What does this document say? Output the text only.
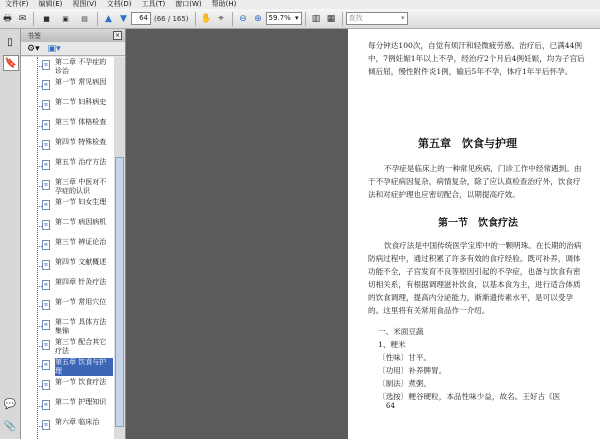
文件(F)	编辑(E)	视图(V)	文档(D)	工具(T)	窗口(W)	帮助(H)
🖶 ✉	■	▣	▤	▲ ▼	64 (66 / 165) ✋ ⌖	⊖ ⊕ 59.7% ▾ ▥ ▦	查找	▾
▯
🔖
💬
📎
书签	×
⚙▾ ▣▾
≡ 第二章 不孕症的诊治
≡ 第一节 常见病因
≡ 第二节 妇科病史
≡ 第三节 体格检查
≡ 第四节 特殊检查
≡ 第五节 治疗方法
≡ 第三章 中医对不孕症的认识
≡ 第一节 妇女生理
≡ 第二节 病因病机
≡ 第三节 辨证论治
≡ 第四节 文献概述
≡ 第四章 针灸疗法
≡ 第一节 常用穴位
≡ 第二节 具体方法集锦
≡ 第三节 配合其它疗法
≡ 第五章 饮食与护理
≡ 第一节 饮食疗法
≡ 第二节 护理知识
≡ 第六章 临床治
每分钟达100次，自觉有烦汗和轻微疲劳感。治疗后，已满44例中，7例妊娠1年以上不孕，经治疗2个月后4例妊娠，均为子宫后倾后屈，慢性附件炎1例，输后5年不孕，体疗1年半后怀孕。
第五章　饮食与护理
不孕症是临床上的一种常见疾病，门诊工作中经常遇到。由于不孕症病因复杂，病情复杂，除了应认真检查治疗外，饮食疗法和对症护理也应密切配合，以期提高疗效。
第一节　饮食疗法
饮食疗法是中国传统医学宝库中的一颗明珠。在长期的治病防病过程中，通过积累了许多有效的食疗经验。既可补养，调体功能不全，子宫发育不良等原因引起的不孕症，也备与饮食有密切相关系，有根据调理滋补饮食，以基本食为主，进行适合体质的饮食调理，提高内分泌能力，渐渐遗传素水平，是可以受孕的。这里将有关常用食品作一介绍。
一、米面豆蔬
1、粳米
〔性味〕甘平。
〔功用〕补养脾胃。
〔制法〕煮粥。
〔选按〕粳谷硬粒，本品性味少益，故名。王好古《医
64
